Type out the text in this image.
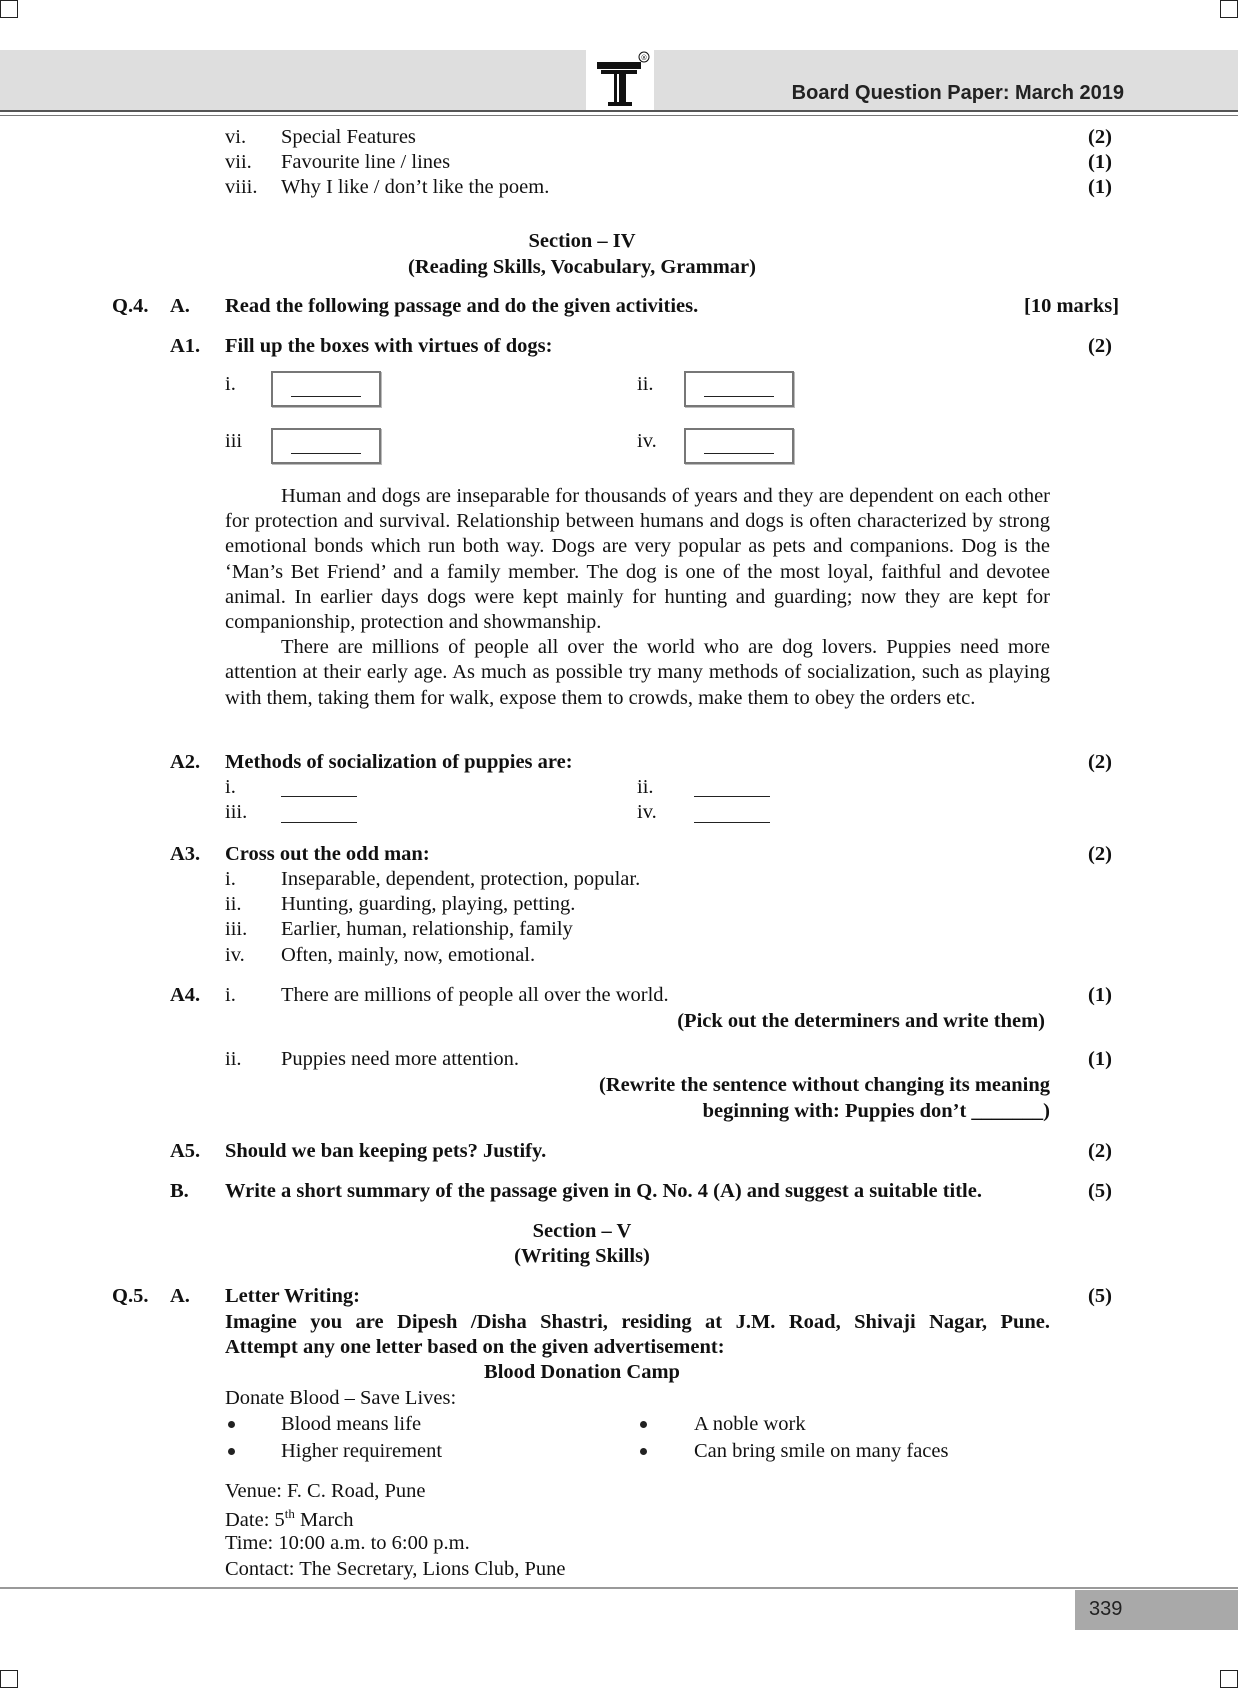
®
Board Question Paper: March 2019
vi. Special Features	(2)
vii. Favourite line / lines	(1)
viii. Why I like / don’t like the poem.	(1)
Section – IV
(Reading Skills, Vocabulary, Grammar)
Q.4. A. Read the following passage and do the given activities.	[10 marks]
A1. Fill up the boxes with virtues of dogs:	(2)
i.	ii.
iii	iv.

Human and dogs are inseparable for thousands of years and they are dependent on each other for protection and survival. Relationship between humans and dogs is often characterized by strong emotional bonds which run both way. Dogs are very popular as pets and companions. Dog is the ‘Man’s Bet Friend’ and a family member. The dog is one of the most loyal, faithful and devotee animal. In earlier days dogs were kept mainly for hunting and guarding; now they are kept for companionship, protection and showmanship.

There are millions of people all over the world who are dog lovers. Puppies need more attention at their early age. As much as possible try many methods of socialization, such as playing with them, taking them for walk, expose them to crowds, make them to obey the orders etc.

A2. Methods of socialization of puppies are:	(2)
i.	ii.
iii.	iv.
A3. Cross out the odd man:	(2)
i. Inseparable, dependent, protection, popular.
ii. Hunting, guarding, playing, petting.
iii. Earlier, human, relationship, family
iv. Often, mainly, now, emotional.
A4. i. There are millions of people all over the world.	(1)
(Pick out the determiners and write them)
ii. Puppies need more attention.	(1)
(Rewrite the sentence without changing its meaning
beginning with: Puppies don’t _______)
A5. Should we ban keeping pets? Justify.	(2)
B. Write a short summary of the passage given in Q. No. 4 (A) and suggest a suitable title.	(5)
Section – V
(Writing Skills)
Q.5. A. Letter Writing:	(5)
Imagine you are Dipesh /Disha Shastri, residing at J.M. Road, Shivaji Nagar, Pune.
Attempt any one letter based on the given advertisement:
Blood Donation Camp
Donate Blood – Save Lives:
Blood means life	A noble work
Higher requirement	Can bring smile on many faces
Venue: F. C. Road, Pune
Date: 5th March
Time: 10:00 a.m. to 6:00 p.m.
Contact: The Secretary, Lions Club, Pune
339
